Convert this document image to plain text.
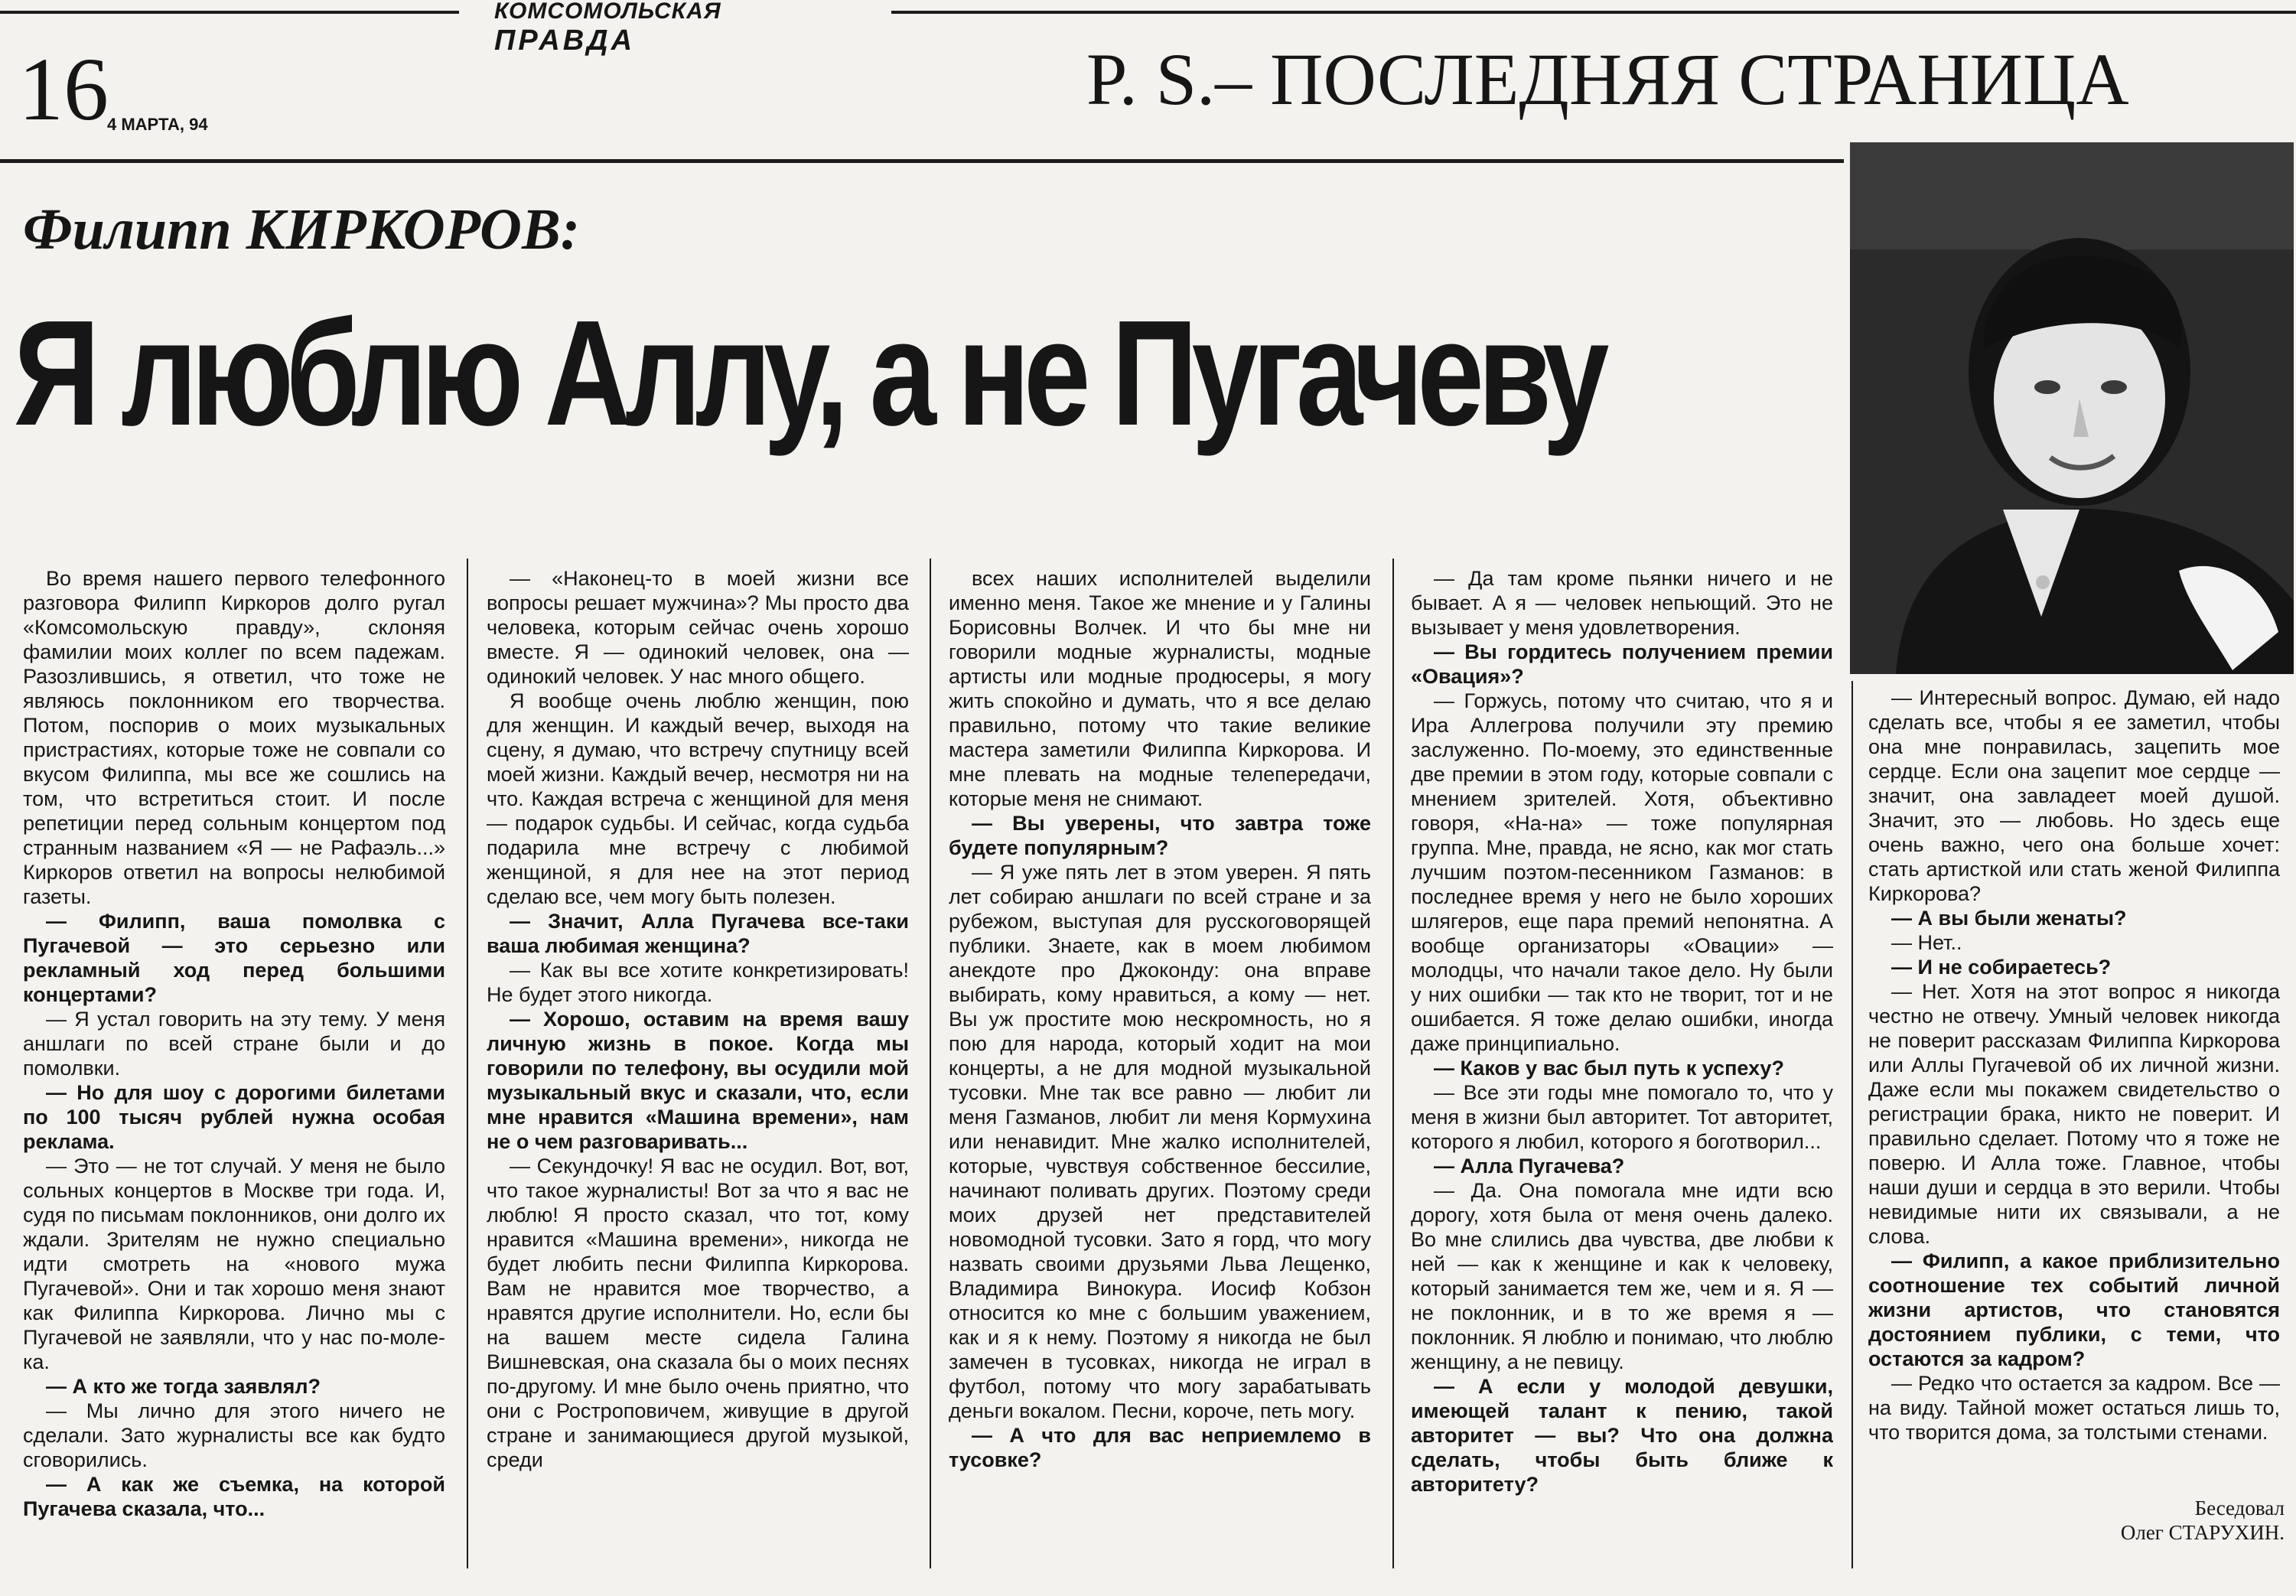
16
4 МАРТА, 94
КОМСОМОЛЬСКАЯ
ПРАВДА	P. S.– ПОСЛЕДНЯЯ СТРАНИЦА
Филипп КИРКОРОВ:
Я люблю Аллу, а не Пугачеву

Во время нашего первого телефонного разговора Филипп Киркоров долго ругал «Комсомольскую правду», склоняя фамилии моих коллег по всем падежам. Разозлившись, я ответил, что тоже не являюсь поклонником его творчества. Потом, поспорив о моих музыкальных пристрастиях, которые тоже не совпали со вкусом Филиппа, мы все же сошлись на том, что встретиться стоит. И после репетиции перед сольным концертом под странным названием «Я — не Рафаэль...» Киркоров ответил на вопросы нелюбимой газеты.

— Филипп, ваша помолвка с Пугачевой — это серьезно или рекламный ход перед большими концертами?

— Я устал говорить на эту тему. У меня аншлаги по всей стране были и до помолвки.

— Но для шоу с дорогими билетами по 100 тысяч рублей нужна особая реклама.

— Это — не тот случай. У меня не было сольных концертов в Москве три года. И, судя по письмам поклонников, они долго их ждали. Зрителям не нужно специально идти смотреть на «нового мужа Пугачевой». Они и так хорошо меня знают как Филиппа Киркорова. Лично мы с Пугачевой не заявляли, что у нас по-моле-ка.

— А кто же тогда заявлял?

— Мы лично для этого ничего не сделали. Зато журналисты все как будто сговорились.

— А как же съемка, на которой Пугачева сказала, что...

— «Наконец-то в моей жизни все вопросы решает мужчина»? Мы просто два человека, которым сейчас очень хорошо вместе. Я — одинокий человек, она — одинокий человек. У нас много общего.

Я вообще очень люблю женщин, пою для женщин. И каждый вечер, выходя на сцену, я думаю, что встречу спутницу всей моей жизни. Каждый вечер, несмотря ни на что. Каждая встреча с женщиной для меня — подарок судьбы. И сейчас, когда судьба подарила мне встречу с любимой женщиной, я для нее на этот период сделаю все, чем могу быть полезен.

— Значит, Алла Пугачева все-таки ваша любимая женщина?

— Как вы все хотите конкретизировать! Не будет этого никогда.

— Хорошо, оставим на время вашу личную жизнь в покое. Когда мы говорили по телефону, вы осудили мой музыкальный вкус и сказали, что, если мне нравится «Машина времени», нам не о чем разговаривать...

— Секундочку! Я вас не осудил. Вот, вот, что такое журналисты! Вот за что я вас не люблю! Я просто сказал, что тот, кому нравится «Машина времени», никогда не будет любить песни Филиппа Киркорова. Вам не нравится мое творчество, а нравятся другие исполнители. Но, если бы на вашем месте сидела Галина Вишневская, она сказала бы о моих песнях по-другому. И мне было очень приятно, что они с Ростроповичем, живущие в другой стране и занимающиеся другой музыкой, среди

всех наших исполнителей выделили именно меня. Такое же мнение и у Галины Борисовны Волчек. И что бы мне ни говорили модные журналисты, модные артисты или модные продюсеры, я могу жить спокойно и думать, что я все делаю правильно, потому что такие великие мастера заметили Филиппа Киркорова. И мне плевать на модные телепередачи, которые меня не снимают.

— Вы уверены, что завтра тоже будете популярным?

— Я уже пять лет в этом уверен. Я пять лет собираю аншлаги по всей стране и за рубежом, выступая для русскоговорящей публики. Знаете, как в моем любимом анекдоте про Джоконду: она вправе выбирать, кому нравиться, а кому — нет. Вы уж простите мою нескромность, но я пою для народа, который ходит на мои концерты, а не для модной музыкальной тусовки. Мне так все равно — любит ли меня Газманов, любит ли меня Кормухина или ненавидит. Мне жалко исполнителей, которые, чувствуя собственное бессилие, начинают поливать других. Поэтому среди моих друзей нет представителей новомодной тусовки. Зато я горд, что могу назвать своими друзьями Льва Лещенко, Владимира Винокура. Иосиф Кобзон относится ко мне с большим уважением, как и я к нему. Поэтому я никогда не был замечен в тусовках, никогда не играл в футбол, потому что могу зарабатывать деньги вокалом. Песни, короче, петь могу.

— А что для вас неприемлемо в тусовке?

— Да там кроме пьянки ничего и не бывает. А я — человек непьющий. Это не вызывает у меня удовлетворения.

— Вы гордитесь получением премии «Овация»?

— Горжусь, потому что считаю, что я и Ира Аллегрова получили эту премию заслуженно. По-моему, это единственные две премии в этом году, которые совпали с мнением зрителей. Хотя, объективно говоря, «На-на» — тоже популярная группа. Мне, правда, не ясно, как мог стать лучшим поэтом-песенником Газманов: в последнее время у него не было хороших шлягеров, еще пара премий непонятна. А вообще организаторы «Овации» — молодцы, что начали такое дело. Ну были у них ошибки — так кто не творит, тот и не ошибается. Я тоже делаю ошибки, иногда даже принципиально.

— Каков у вас был путь к успеху?

— Все эти годы мне помогало то, что у меня в жизни был авторитет. Тот авторитет, которого я любил, которого я боготворил...

— Алла Пугачева?

— Да. Она помогала мне идти всю дорогу, хотя была от меня очень далеко. Во мне слились два чувства, две любви к ней — как к женщине и как к человеку, который занимается тем же, чем и я. Я — не поклонник, и в то же время я — поклонник. Я люблю и понимаю, что люблю женщину, а не певицу.

— А если у молодой девушки, имеющей талант к пению, такой авторитет — вы? Что она должна сделать, чтобы быть ближе к авторитету?

— Интересный вопрос. Думаю, ей надо сделать все, чтобы я ее заметил, чтобы она мне понравилась, зацепить мое сердце. Если она зацепит мое сердце — значит, она завладеет моей душой. Значит, это — любовь. Но здесь еще очень важно, чего она больше хочет: стать артисткой или стать женой Филиппа Киркорова?

— А вы были женаты?

— Нет..

— И не собираетесь?

— Нет. Хотя на этот вопрос я никогда честно не отвечу. Умный человек никогда не поверит рассказам Филиппа Киркорова или Аллы Пугачевой об их личной жизни. Даже если мы покажем свидетельство о регистрации брака, никто не поверит. И правильно сделает. Потому что я тоже не поверю. И Алла тоже. Главное, чтобы наши души и сердца в это верили. Чтобы невидимые нити их связывали, а не слова.

— Филипп, а какое приблизительно соотношение тех событий личной жизни артистов, что становятся достоянием публики, с теми, что остаются за кадром?

— Редко что остается за кадром. Все — на виду. Тайной может остаться лишь то, что творится дома, за толстыми стенами.

Беседовал
Олег СТАРУХИН.
